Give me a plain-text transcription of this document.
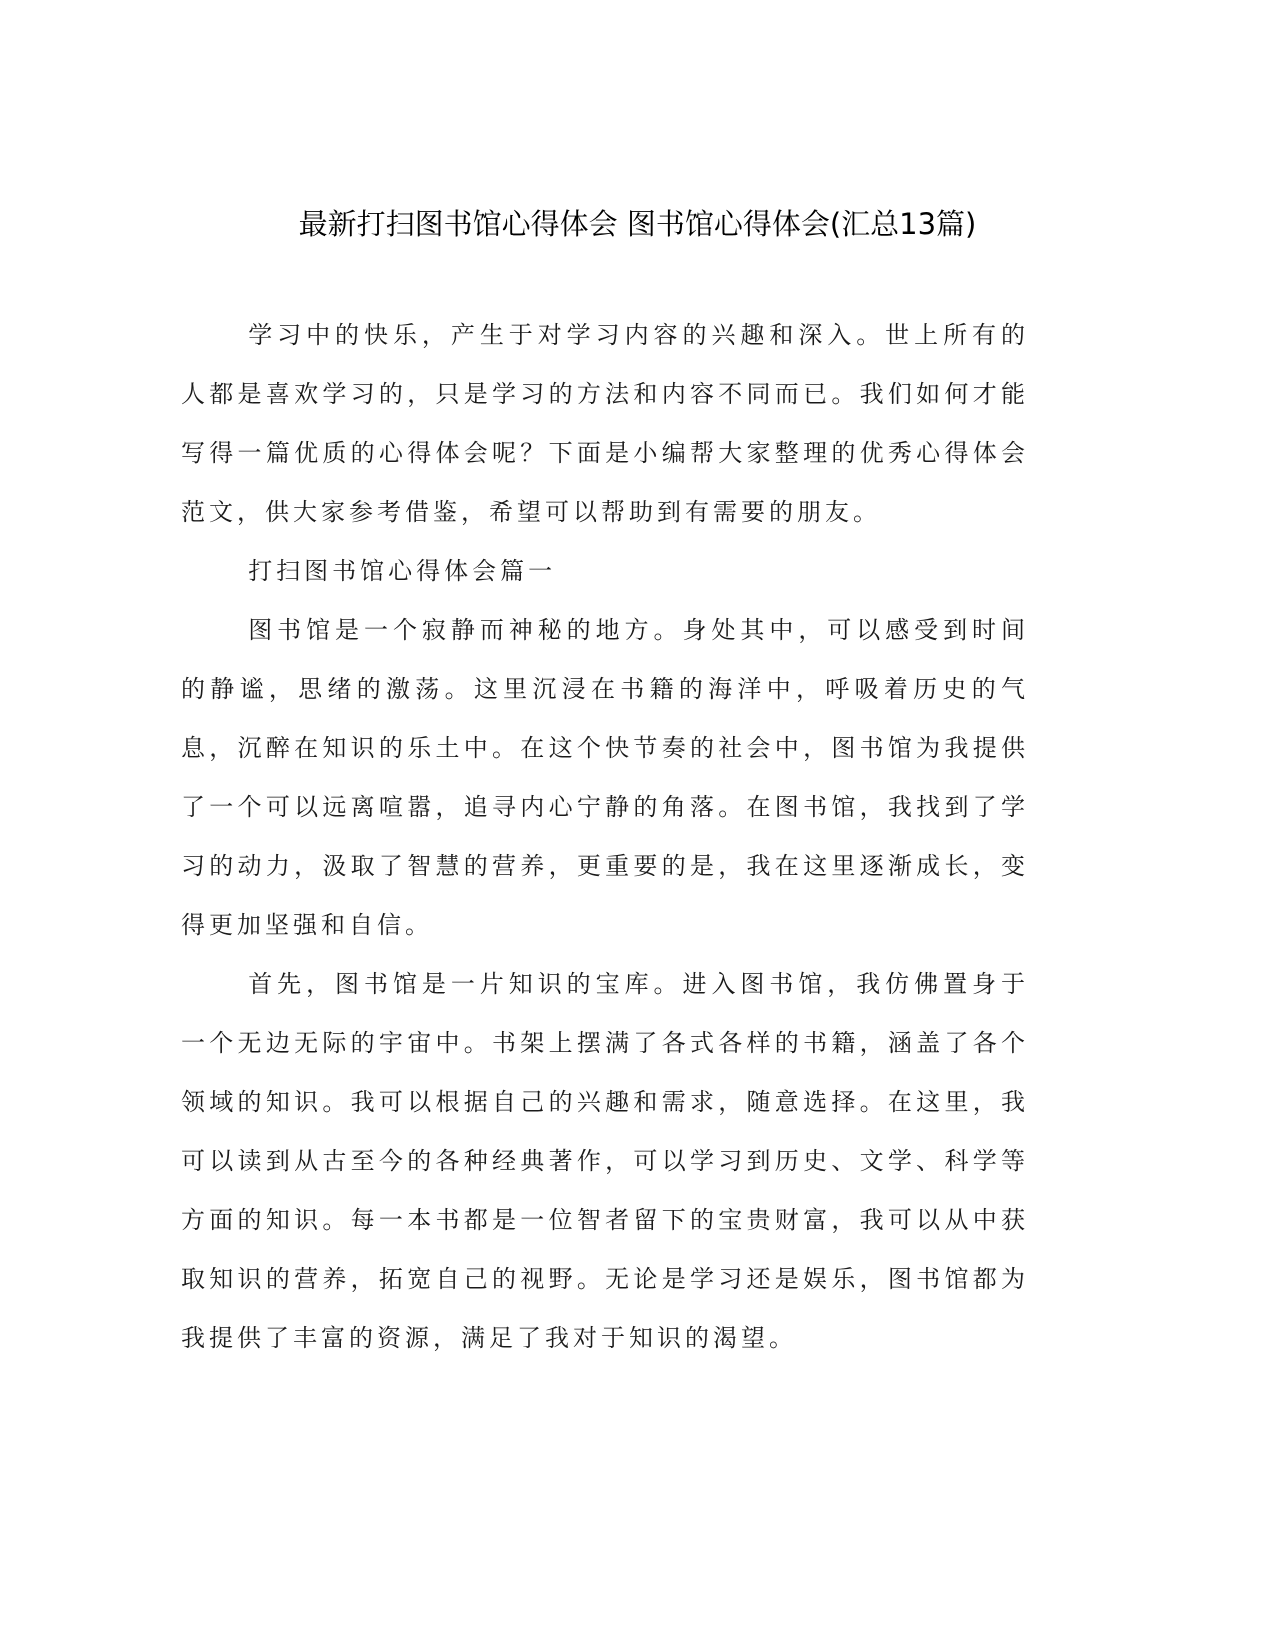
最新打扫图书馆心得体会 图书馆心得体会(汇总13篇)

学习中的快乐，产生于对学习内容的兴趣和深入。世上所有的人都是喜欢学习的，只是学习的方法和内容不同而已。我们如何才能写得一篇优质的心得体会呢？下面是小编帮大家整理的优秀心得体会范文，供大家参考借鉴，希望可以帮助到有需要的朋友。

打扫图书馆心得体会篇一

图书馆是一个寂静而神秘的地方。身处其中，可以感受到时间的静谧，思绪的激荡。这里沉浸在书籍的海洋中，呼吸着历史的气息，沉醉在知识的乐土中。在这个快节奏的社会中，图书馆为我提供了一个可以远离喧嚣，追寻内心宁静的角落。在图书馆，我找到了学习的动力，汲取了智慧的营养，更重要的是，我在这里逐渐成长，变得更加坚强和自信。

首先，图书馆是一片知识的宝库。进入图书馆，我仿佛置身于一个无边无际的宇宙中。书架上摆满了各式各样的书籍，涵盖了各个领域的知识。我可以根据自己的兴趣和需求，随意选择。在这里，我可以读到从古至今的各种经典著作，可以学习到历史、文学、科学等方面的知识。每一本书都是一位智者留下的宝贵财富，我可以从中获取知识的营养，拓宽自己的视野。无论是学习还是娱乐，图书馆都为我提供了丰富的资源，满足了我对于知识的渴望。
